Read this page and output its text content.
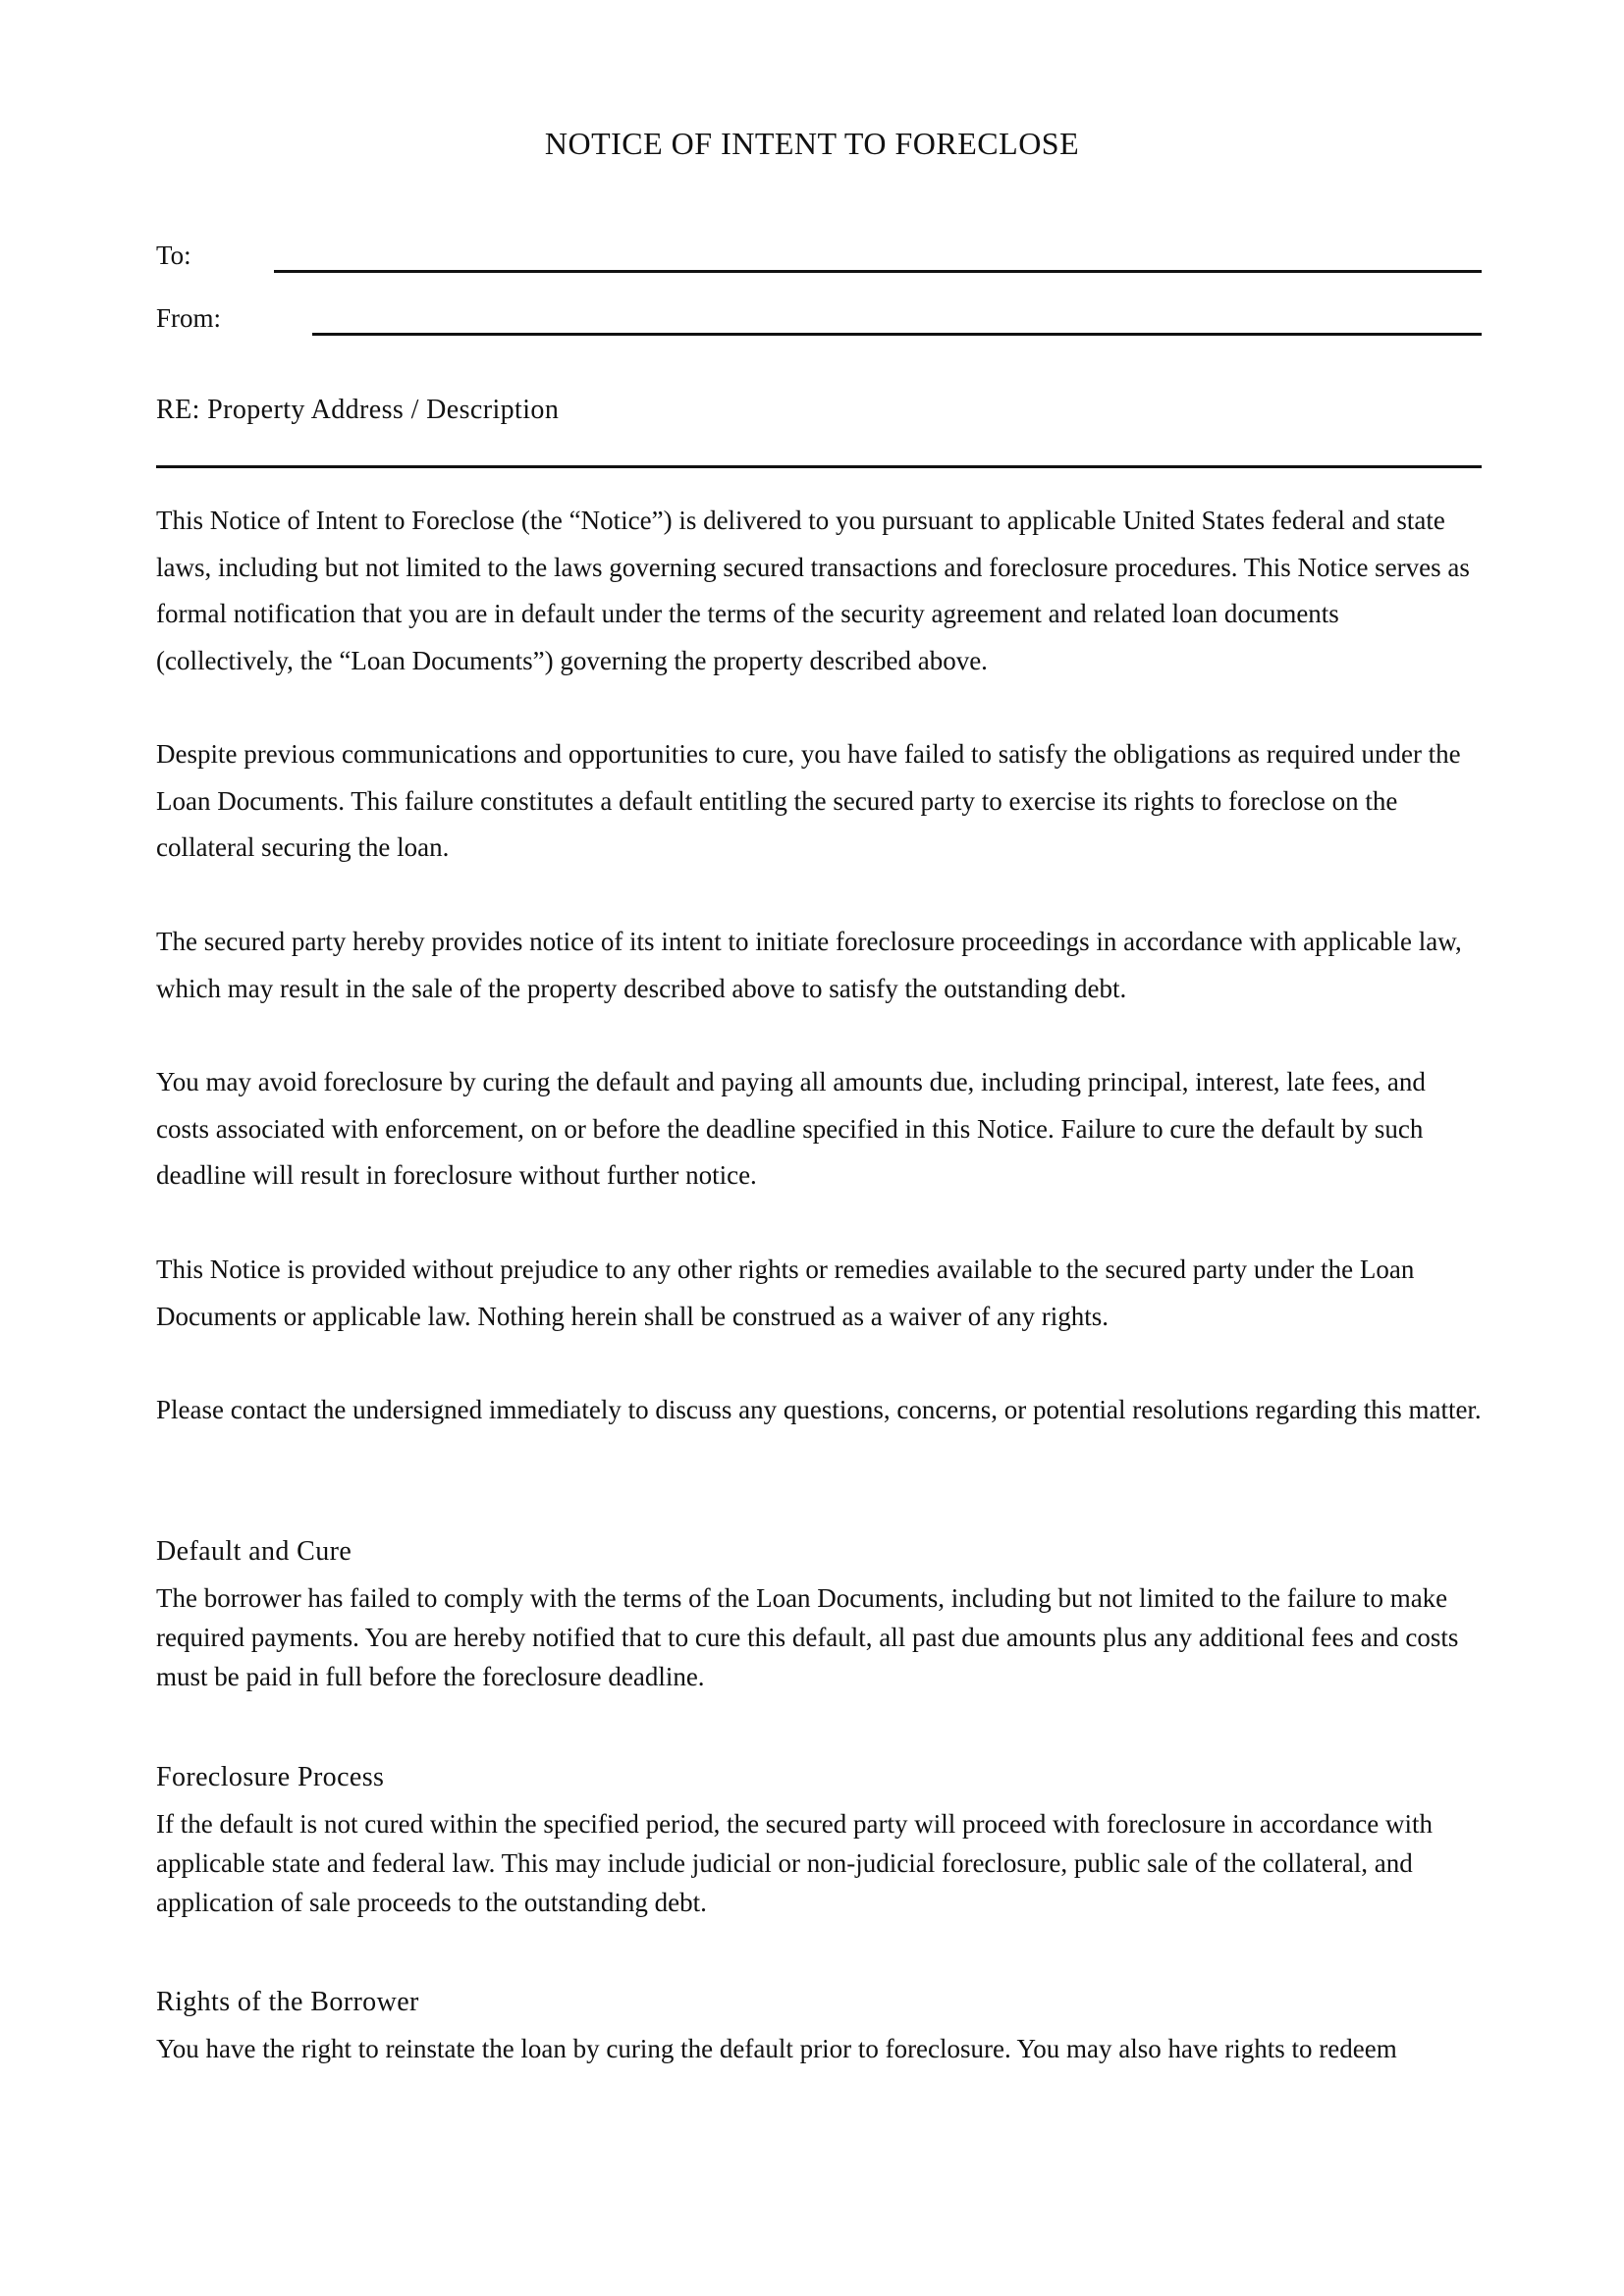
NOTICE OF INTENT TO FORECLOSE
To:
From:
RE: Property Address / Description

This Notice of Intent to Foreclose (the “Notice”) is delivered to you pursuant to applicable United States federal and state laws, including but not limited to the laws governing secured transactions and foreclosure procedures. This Notice serves as formal notification that you are in default under the terms of the security agreement and related loan documents (collectively, the “Loan Documents”) governing the property described above.

Despite previous communications and opportunities to cure, you have failed to satisfy the obligations as required under the Loan Documents. This failure constitutes a default entitling the secured party to exercise its rights to foreclose on the collateral securing the loan.

The secured party hereby provides notice of its intent to initiate foreclosure proceedings in accordance with applicable law, which may result in the sale of the property described above to satisfy the outstanding debt.

You may avoid foreclosure by curing the default and paying all amounts due, including principal, interest, late fees, and costs associated with enforcement, on or before the deadline specified in this Notice. Failure to cure the default by such deadline will result in foreclosure without further notice.

This Notice is provided without prejudice to any other rights or remedies available to the secured party under the Loan Documents or applicable law. Nothing herein shall be construed as a waiver of any rights.

Please contact the undersigned immediately to discuss any questions, concerns, or potential resolutions regarding this matter.

Default and Cure

The borrower has failed to comply with the terms of the Loan Documents, including but not limited to the failure to make required payments. You are hereby notified that to cure this default, all past due amounts plus any additional fees and costs must be paid in full before the foreclosure deadline.

Foreclosure Process

If the default is not cured within the specified period, the secured party will proceed with foreclosure in accordance with applicable state and federal law. This may include judicial or non-judicial foreclosure, public sale of the collateral, and application of sale proceeds to the outstanding debt.

Rights of the Borrower

You have the right to reinstate the loan by curing the default prior to foreclosure. You may also have rights to redeem
